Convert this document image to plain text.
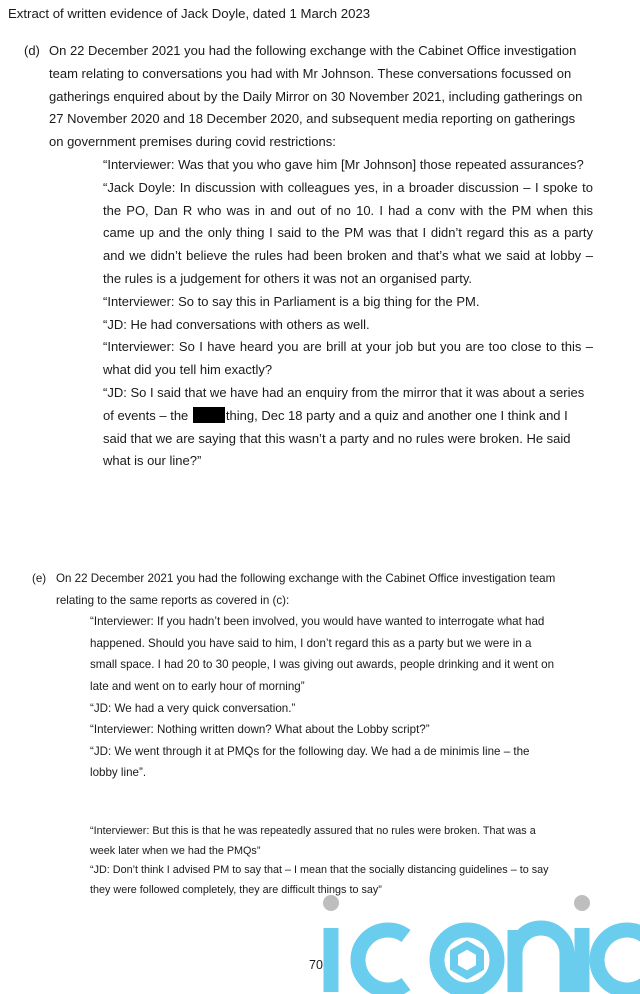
Extract of written evidence of Jack Doyle, dated 1 March 2023
(d) On 22 December 2021 you had the following exchange with the Cabinet Office investigation team relating to conversations you had with Mr Johnson. These conversations focussed on gatherings enquired about by the Daily Mirror on 30 November 2021, including gatherings on 27 November 2020 and 18 December 2020, and subsequent media reporting on gatherings on government premises during covid restrictions:

“Interviewer: Was that you who gave him [Mr Johnson] those repeated assurances?

“Jack Doyle: In discussion with colleagues yes, in a broader discussion – I spoke to the PO, Dan R who was in and out of no 10. I had a conv with the PM when this came up and the only thing I said to the PM was that I didn’t regard this as a party and we didn’t believe the rules had been broken and that’s what we said at lobby – the rules is a judgement for others it was not an organised party.

“Interviewer: So to say this in Parliament is a big thing for the PM.

“JD: He had conversations with others as well.

“Interviewer: So I have heard you are brill at your job but you are too close to this – what did you tell him exactly?

“JD: So I said that we have had an enquiry from the mirror that it was about a series of events – the	thing, Dec 18 party and a quiz and another one I think and I said that we are saying that this wasn’t a party and no rules were broken. He said what is our line?”

(e) On 22 December 2021 you had the following exchange with the Cabinet Office investigation team relating to the same reports as covered in (c):

“Interviewer: If you hadn’t been involved, you would have wanted to interrogate what had happened. Should you have said to him, I don’t regard this as a party but we were in a small space. I had 20 to 30 people, I was giving out awards, people drinking and it went on late and went on to early hour of morning”

“JD: We had a very quick conversation.”

“Interviewer: Nothing written down? What about the Lobby script?”

“JD: We went through it at PMQs for the following day. We had a de minimis line – the lobby line”.

“Interviewer: But this is that he was repeatedly assured that no rules were broken. That was a week later when we had the PMQs”

“JD: Don’t think I advised PM to say that – I mean that the socially distancing guidelines – to say they were followed completely, they are difficult things to say”

70
